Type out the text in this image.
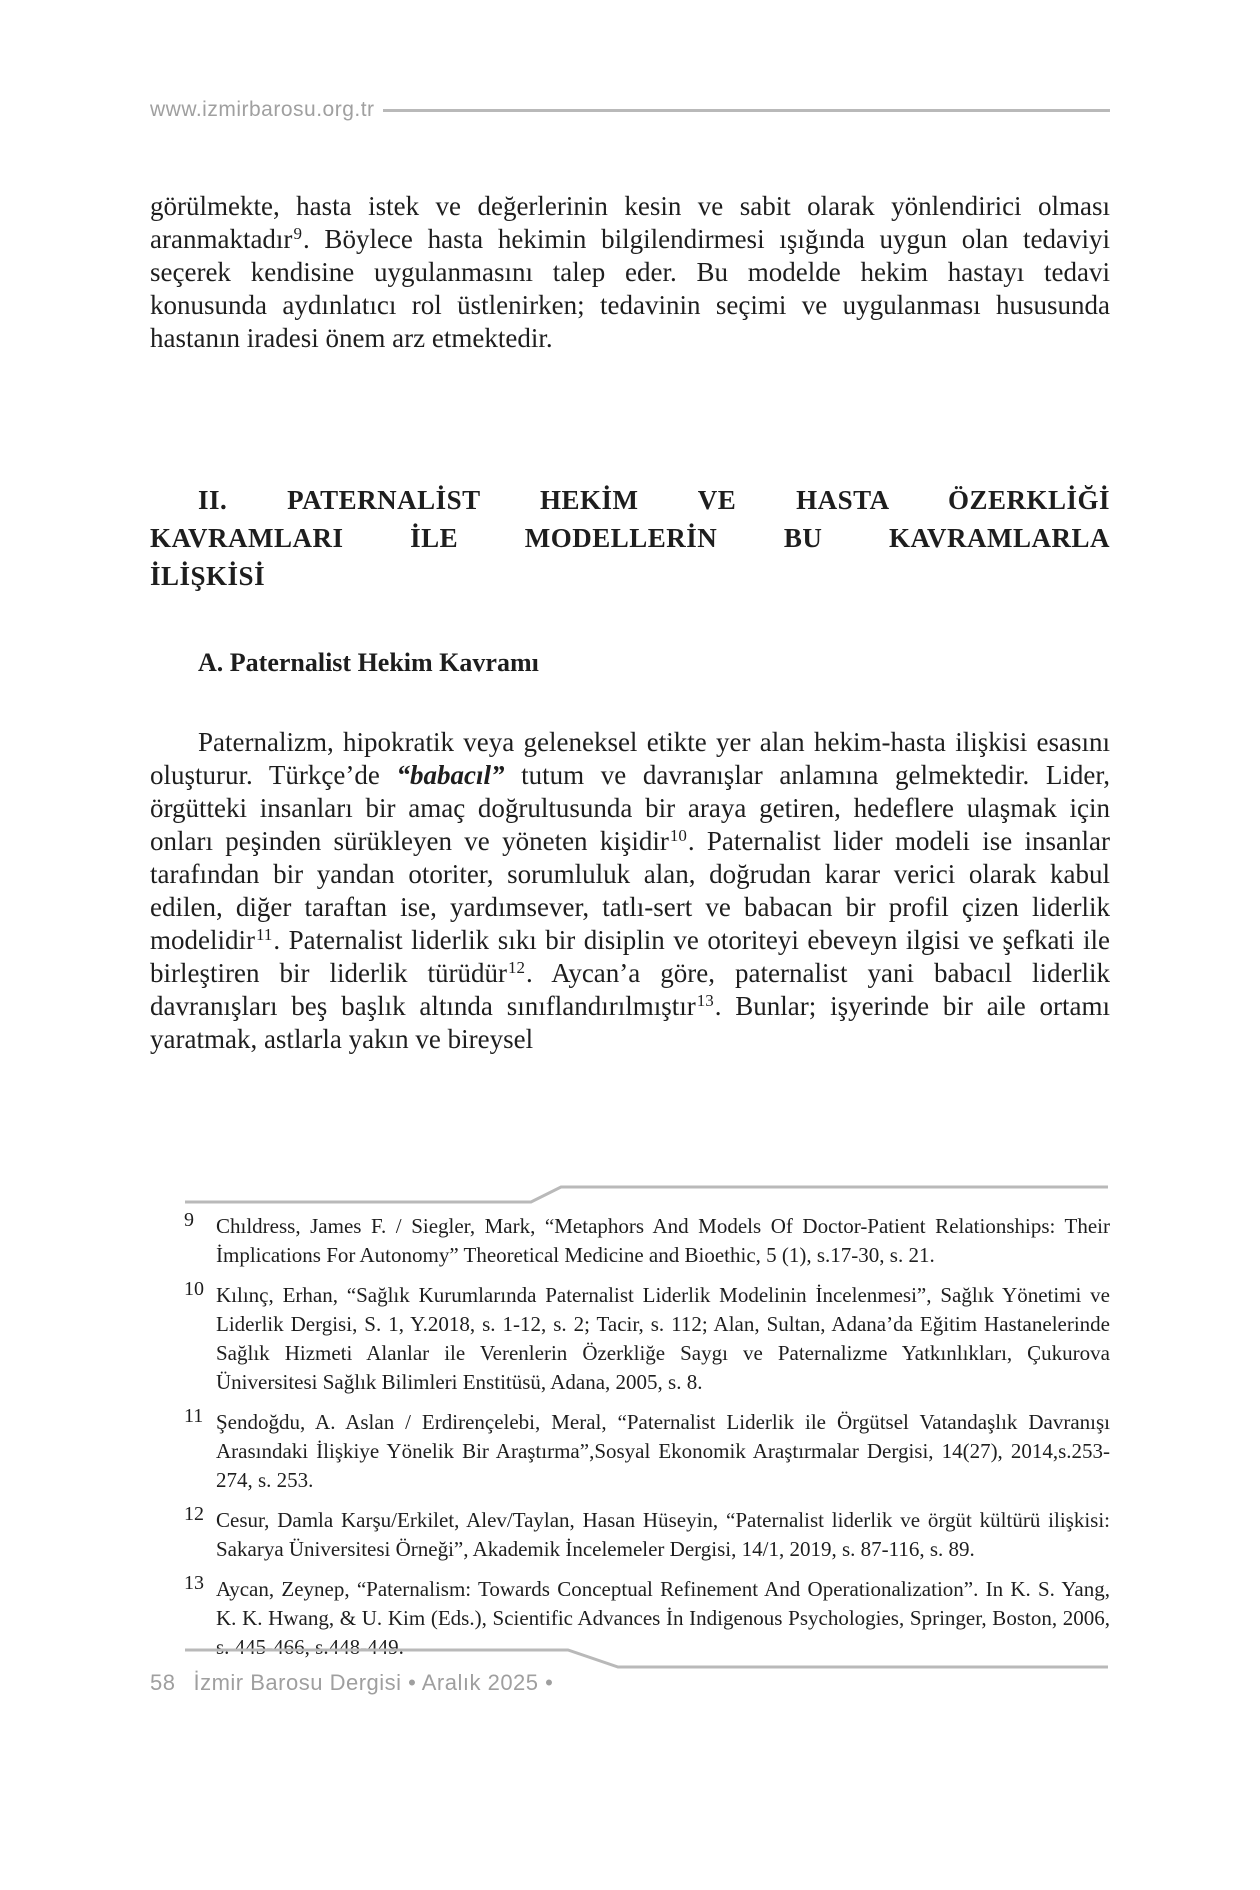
www.izmirbarosu.org.tr

görülmekte, hasta istek ve değerlerinin kesin ve sabit olarak yönlendirici olması aranmaktadır$^9$. Böylece hasta hekimin bilgilendirmesi ışığında uygun olan tedaviyi seçerek kendisine uygulanmasını talep eder. Bu modelde hekim hastayı tedavi konusunda aydınlatıcı rol üstlenirken; tedavinin seçimi ve uygulanması hususunda hastanın iradesi önem arz etmektedir.

II. PATERNALİST HEKİM VE HASTA ÖZERKLİĞİ
KAVRAMLARI İLE MODELLERİN BU KAVRAMLARLA
İLİŞKİSİ
A. Paternalist Hekim Kavramı

Paternalizm, hipokratik veya geleneksel etikte yer alan hekim-hasta ilişkisi esasını oluşturur. Türkçe’de “babacıl” tutum ve davranışlar anlamına gelmektedir. Lider, örgütteki insanları bir amaç doğrultusunda bir araya getiren, hedeflere ulaşmak için onları peşinden sürükleyen ve yöneten kişidir$^{10}$. Paternalist lider modeli ise insanlar tarafından bir yandan otoriter, sorumluluk alan, doğrudan karar verici olarak kabul edilen, diğer taraftan ise, yardımsever, tatlı-sert ve babacan bir profil çizen liderlik modelidir$^{11}$. Paternalist liderlik sıkı bir disiplin ve otoriteyi ebeveyn ilgisi ve şefkati ile birleştiren bir liderlik türüdür$^{12}$. Aycan’a göre, paternalist yani babacıl liderlik davranışları beş başlık altında sınıflandırılmıştır$^{13}$. Bunlar; işyerinde bir aile ortamı yaratmak, astlarla yakın ve bireysel

9	Chıldress, James F. / Siegler, Mark, “Metaphors And Models Of Doctor-Patient Relationships: Their İmplications For Autonomy” Theoretical Medicine and Bioethic, 5 (1), s.17-30, s. 21.
10 Kılınç, Erhan, “Sağlık Kurumlarında Paternalist Liderlik Modelinin İncelenmesi”, Sağlık Yönetimi ve Liderlik Dergisi, S. 1, Y.2018, s. 1-12, s. 2; Tacir, s. 112; Alan, Sultan, Adana’da Eğitim Hastanelerinde Sağlık Hizmeti Alanlar ile Verenlerin Özerkliğe Saygı ve Paternalizme Yatkınlıkları, Çukurova Üniversitesi Sağlık Bilimleri Enstitüsü, Adana, 2005, s. 8.
11 Şendoğdu, A. Aslan / Erdirençelebi, Meral, “Paternalist Liderlik ile Örgütsel Vatandaşlık Davranışı Arasındaki İlişkiye Yönelik Bir Araştırma”,Sosyal Ekonomik Araştırmalar Dergisi, 14(27), 2014,s.253-274, s. 253.
12 Cesur, Damla Karşu/Erkilet, Alev/Taylan, Hasan Hüseyin, “Paternalist liderlik ve örgüt kültürü ilişkisi: Sakarya Üniversitesi Örneği”, Akademik İncelemeler Dergisi, 14/1, 2019, s. 87-116, s. 89.
13 Aycan, Zeynep, “Paternalism: Towards Conceptual Refinement And Operationalization”. In K. S. Yang, K. K. Hwang, & U. Kim (Eds.), Scientific Advances İn Indigenous Psychologies, Springer, Boston, 2006, s. 445-466, s.448-449.
58 İzmir Barosu Dergisi • Aralık 2025 •
